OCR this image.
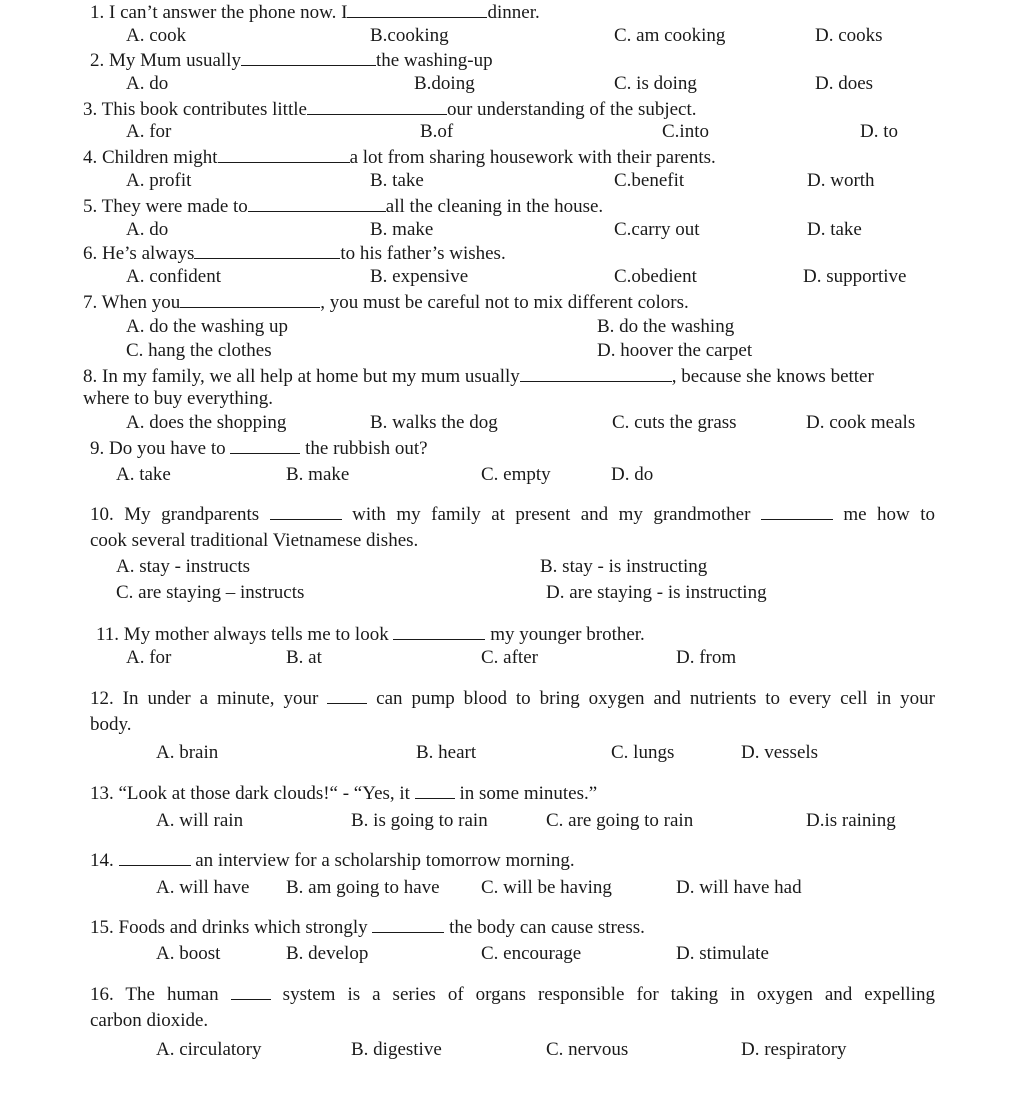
1. I can’t answer the phone now. I	dinner.
A. cook	B.cooking	C. am cooking	D. cooks
2. My Mum usually	the washing-up
A. do	B.doing	C. is doing	D. does
3. This book contributes little	our understanding of the subject.
A. for	B.of	C.into	D. to
4. Children might	a lot from sharing housework with their parents.
A. profit	B. take	C.benefit	D. worth
5. They were made to	all the cleaning in the house.
A. do	B. make	C.carry out	D. take
6. He’s always	to his father’s wishes.
A. confident	B. expensive	C.obedient	D. supportive
7. When you	, you must be careful not to mix different colors.
A. do the washing up	B. do the washing
C. hang the clothes	D. hoover the carpet
8. In my family, we all help at home but my mum usually	, because she knows better
where to buy everything.
A. does the shopping	B. walks the dog	C. cuts the grass	D. cook meals
9. Do you have to	the rubbish out?
A. take	B. make	C. empty	D. do
10. My grandparents	with my family at present and my grandmother	me how to
cook several traditional Vietnamese dishes.
A. stay - instructs	B. stay - is instructing
C. are staying – instructs	D. are staying - is instructing
11. My mother always tells me to look	my younger brother.
A. for	B. at	C. after	D. from
12. In under a minute, your	can pump blood to bring oxygen and nutrients to every cell in your
body.
A. brain	B. heart	C. lungs	D. vessels
13. “Look at those dark clouds!“ - “Yes, it	in some minutes.”
A. will rain	B. is going to rain	C. are going to rain	D.is raining
14.	an interview for a scholarship tomorrow morning.
A. will have B. am going to have C. will be having	D. will have had
15. Foods and drinks which strongly	the body can cause stress.
A. boost	B. develop	C. encourage	D. stimulate
16. The human	system is a series of organs responsible for taking in oxygen and expelling
carbon dioxide.
A. circulatory	B. digestive	C. nervous	D. respiratory
